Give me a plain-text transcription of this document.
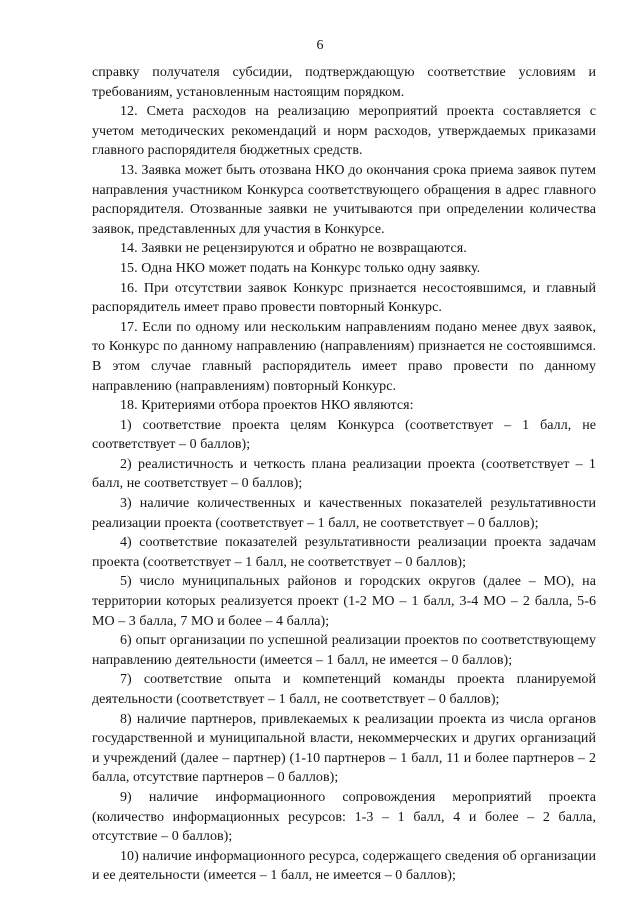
6

справку получателя субсидии, подтверждающую соответствие условиям и требованиям, установленным настоящим порядком.

12. Смета расходов на реализацию мероприятий проекта составляется с учетом методических рекомендаций и норм расходов, утверждаемых приказами главного распорядителя бюджетных средств.

13. Заявка может быть отозвана НКО до окончания срока приема заявок путем направления участником Конкурса соответствующего обращения в адрес главного распорядителя. Отозванные заявки не учитываются при определении количества заявок, представленных для участия в Конкурсе.

14. Заявки не рецензируются и обратно не возвращаются.

15. Одна НКО может подать на Конкурс только одну заявку.

16. При отсутствии заявок Конкурс признается несостоявшимся, и главный распорядитель имеет право провести повторный Конкурс.

17. Если по одному или нескольким направлениям подано менее двух заявок, то Конкурс по данному направлению (направлениям) признается не состоявшимся. В этом случае главный распорядитель имеет право провести по данному направлению (направлениям) повторный Конкурс.

18. Критериями отбора проектов НКО являются:

1) соответствие проекта целям Конкурса (соответствует – 1 балл, не соответствует – 0 баллов);

2) реалистичность и четкость плана реализации проекта (соответствует – 1 балл, не соответствует – 0 баллов);

3) наличие количественных и качественных показателей результативности реализации проекта (соответствует – 1 балл, не соответствует – 0 баллов);

4) соответствие показателей результативности реализации проекта задачам проекта (соответствует – 1 балл, не соответствует – 0 баллов);

5) число муниципальных районов и городских округов (далее – МО), на территории которых реализуется проект (1-2 МО – 1 балл, 3-4 МО – 2 балла, 5-6 МО – 3 балла, 7 МО и более – 4 балла);

6) опыт организации по успешной реализации проектов по соответствующему направлению деятельности (имеется – 1 балл, не имеется – 0 баллов);

7) соответствие опыта и компетенций команды проекта планируемой деятельности (соответствует – 1 балл, не соответствует – 0 баллов);

8) наличие партнеров, привлекаемых к реализации проекта из числа органов государственной и муниципальной власти, некоммерческих и других организаций и учреждений (далее – партнер) (1-10 партнеров – 1 балл, 11 и более партнеров – 2 балла, отсутствие партнеров – 0 баллов);

9) наличие информационного сопровождения мероприятий проекта (количество информационных ресурсов: 1-3 – 1 балл, 4 и более – 2 балла, отсутствие – 0 баллов);

10) наличие информационного ресурса, содержащего сведения об организации и ее деятельности (имеется – 1 балл, не имеется – 0 баллов);
